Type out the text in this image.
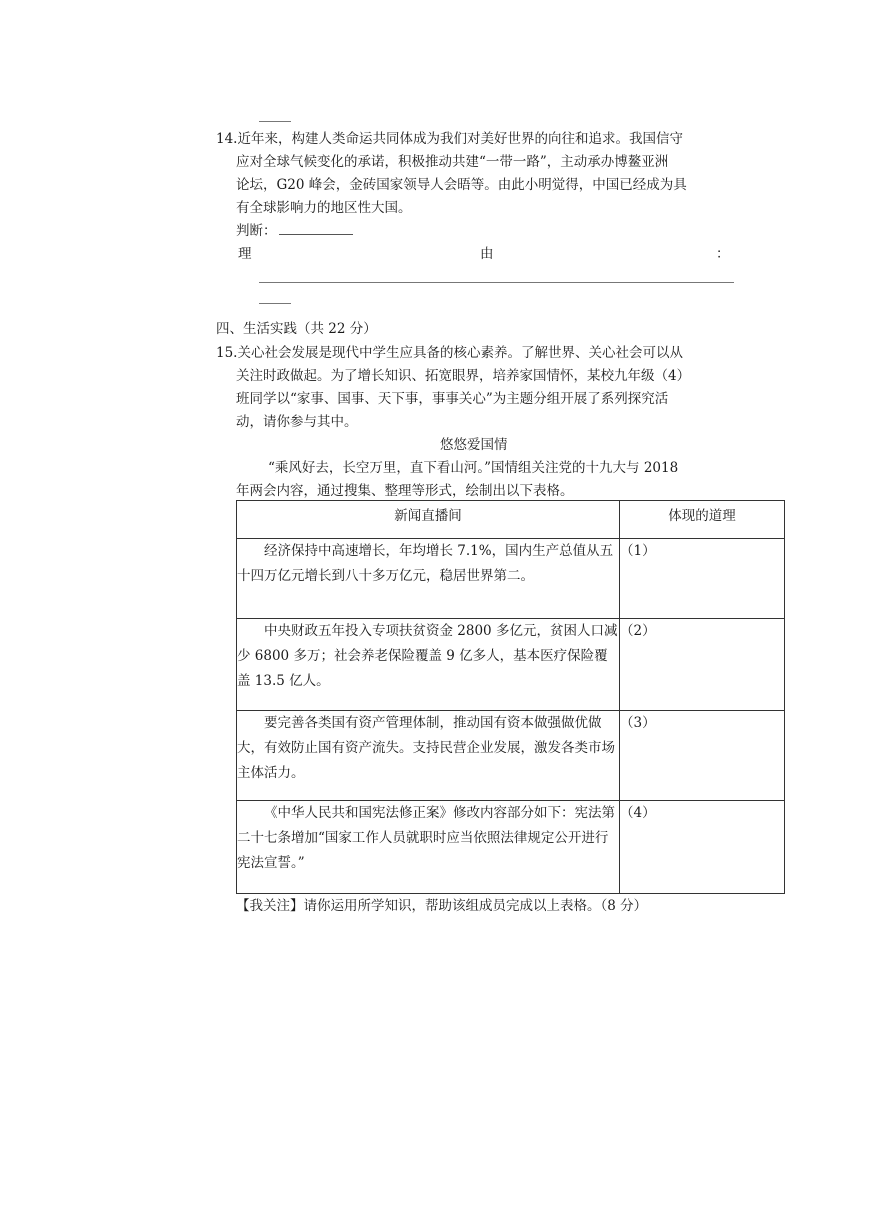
14.近年来，构建人类命运共同体成为我们对美好世界的向往和追求。我国信守
应对全球气候变化的承诺，积极推动共建“一带一路”，主动承办博鳌亚洲
论坛，G20 峰会，金砖国家领导人会晤等。由此小明觉得，中国已经成为具
有全球影响力的地区性大国。
判断：
理	由	：
四、生活实践（共 22 分）
15.关心社会发展是现代中学生应具备的核心素养。了解世界、关心社会可以从
关注时政做起。为了增长知识、拓宽眼界，培养家国情怀，某校九年级（4）
班同学以“家事、国事、天下事，事事关心”为主题分组开展了系列探究活
动，请你参与其中。
悠悠爱国情
“乘风好去，长空万里，直下看山河。”国情组关注党的十九大与 2018
年两会内容，通过搜集、整理等形式，绘制出以下表格。
新闻直播间	体现的道理

经济保持中高速增长，年均增长 7.1%，国内生产总值从五十四万亿元增长到八十多万亿元，稳居世界第二。	（1）

中央财政五年投入专项扶贫资金 2800 多亿元，贫困人口减少 6800 多万；社会养老保险覆盖 9 亿多人，基本医疗保险覆盖 13.5 亿人。	（2）

要完善各类国有资产管理体制，推动国有资本做强做优做大，有效防止国有资产流失。支持民营企业发展，激发各类市场主体活力。	（3）

《中华人民共和国宪法修正案》修改内容部分如下：宪法第二十七条增加“国家工作人员就职时应当依照法律规定公开进行宪法宣誓。”	（4）
【我关注】请你运用所学知识，帮助该组成员完成以上表格。（8 分）
